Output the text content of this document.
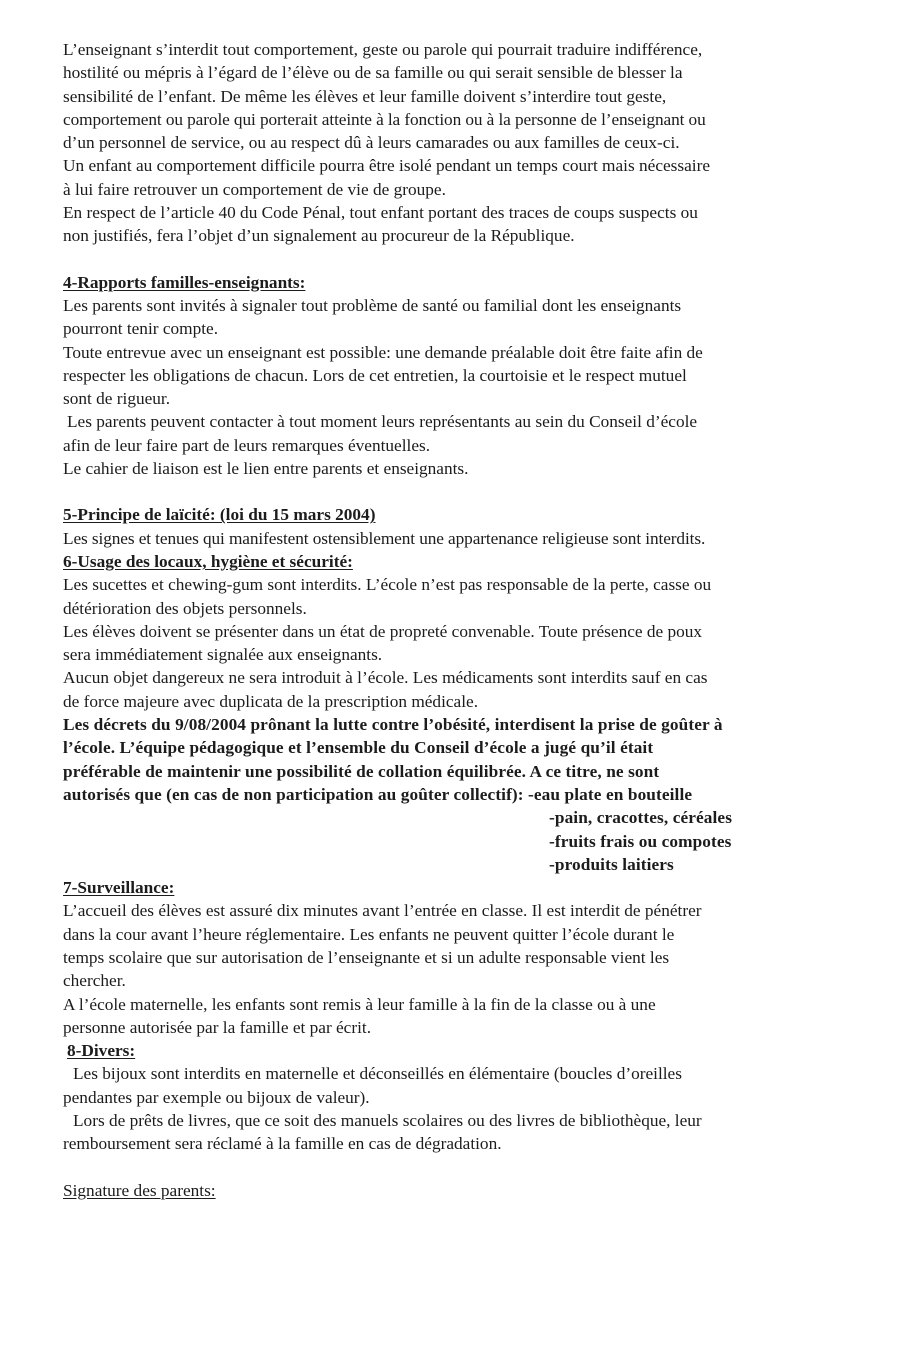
L’enseignant s’interdit tout comportement, geste ou parole qui pourrait traduire indifférence,
hostilité ou mépris à l’égard de l’élève ou de sa famille ou qui serait sensible de blesser la
sensibilité de l’enfant. De même les élèves et leur famille doivent s’interdire tout geste,
comportement ou parole qui porterait atteinte à la fonction ou à la personne de l’enseignant ou
d’un personnel de service, ou au respect dû à leurs camarades ou aux familles de ceux-ci.
Un enfant au comportement difficile pourra être isolé pendant un temps court mais nécessaire
à lui faire retrouver un comportement de vie de groupe.
En respect de l’article 40 du Code Pénal, tout enfant portant des traces de coups suspects ou
non justifiés, fera l’objet d’un signalement au procureur de la République.
4-Rapports familles-enseignants:
Les parents sont invités à signaler tout problème de santé ou familial dont les enseignants
pourront tenir compte.
Toute entrevue avec un enseignant est possible: une demande préalable doit être faite afin de
respecter les obligations de chacun. Lors de cet entretien, la courtoisie et le respect mutuel
sont de rigueur.
Les parents peuvent contacter à tout moment leurs représentants au sein du Conseil d’école
afin de leur faire part de leurs remarques éventuelles.
Le cahier de liaison est le lien entre parents et enseignants.
5-Principe de laïcité: (loi du 15 mars 2004)
Les signes et tenues qui manifestent ostensiblement une appartenance religieuse sont interdits.
6-Usage des locaux, hygiène et sécurité:
Les sucettes et chewing-gum sont interdits. L’école n’est pas responsable de la perte, casse ou
détérioration des objets personnels.
Les élèves doivent se présenter dans un état de propreté convenable. Toute présence de poux
sera immédiatement signalée aux enseignants.
Aucun objet dangereux ne sera introduit à l’école. Les médicaments sont interdits sauf en cas
de force majeure avec duplicata de la prescription médicale.
Les décrets du 9/08/2004 prônant la lutte contre l’obésité, interdisent la prise de goûter à
l’école. L’équipe pédagogique et l’ensemble du Conseil d’école a jugé qu’il était
préférable de maintenir une possibilité de collation équilibrée. A ce titre, ne sont
autorisés que (en cas de non participation au goûter collectif): -eau plate en bouteille
-pain, cracottes, céréales
-fruits frais ou compotes
-produits laitiers
7-Surveillance:
L’accueil des élèves est assuré dix minutes avant l’entrée en classe. Il est interdit de pénétrer
dans la cour avant l’heure réglementaire. Les enfants ne peuvent quitter l’école durant le
temps scolaire que sur autorisation de l’enseignante et si un adulte responsable vient les
chercher.
A l’école maternelle, les enfants sont remis à leur famille à la fin de la classe ou à une
personne autorisée par la famille et par écrit.
8-Divers:
Les bijoux sont interdits en maternelle et déconseillés en élémentaire (boucles d’oreilles
pendantes par exemple ou bijoux de valeur).
Lors de prêts de livres, que ce soit des manuels scolaires ou des livres de bibliothèque, leur
remboursement sera réclamé à la famille en cas de dégradation.
Signature des parents:
